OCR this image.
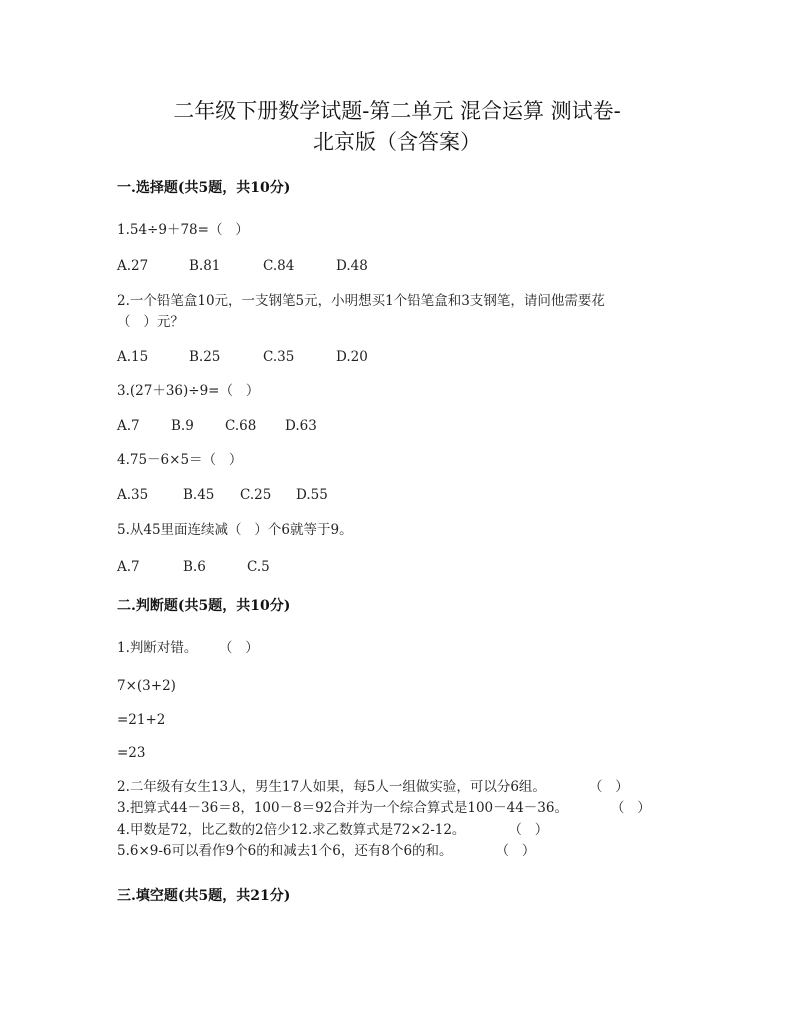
二年级下册数学试题-第二单元 混合运算 测试卷-
北京版（含答案）
一.选择题(共5题，共10分)
1.54÷9＋78=（   ）
A.27	B.81	C.84	D.48
2.一个铅笔盒10元，一支钢笔5元，小明想买1个铅笔盒和3支钢笔，请问他需要花
（   ）元？
A.15	B.25	C.35	D.20
3.(27＋36)÷9=（   ）
A.7 B.9 C.68 D.63
4.75－6×5＝（   ）
A.35	B.45 C.25 D.55
5.从45里面连续减（   ）个6就等于9。
A.7	B.6	C.5
二.判断题(共5题，共10分)
1.判断对错。     （   ）
7×(3+2)
=21+2
=23
2.二年级有女生13人，男生17人如果，每5人一组做实验，可以分6组。          （   ）
3.把算式44－36＝8，100－8＝92合并为一个综合算式是100－44－36。          （   ）
4.甲数是72，比乙数的2倍少12.求乙数算式是72×2-12。          （   ）
5.6×9-6可以看作9个6的和减去1个6，还有8个6的和。          （   ）
三.填空题(共5题，共21分)
